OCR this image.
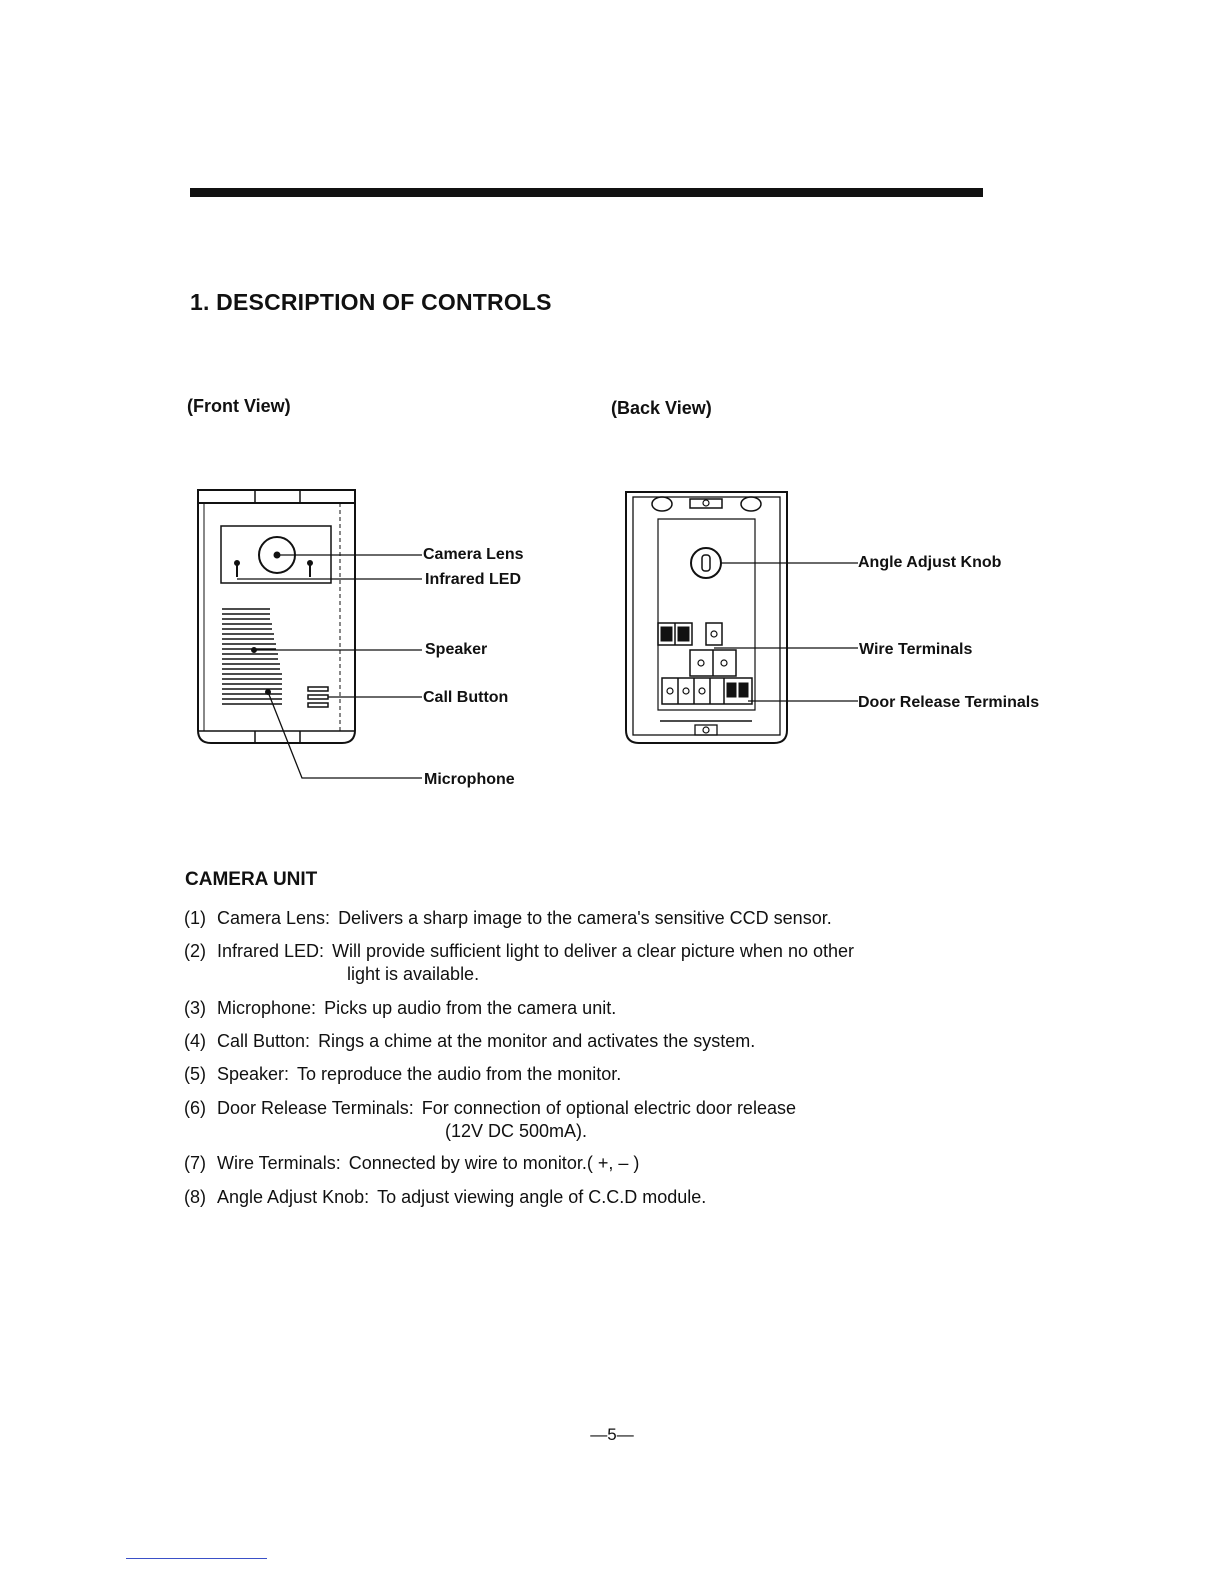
1. DESCRIPTION OF CONTROLS
(Front View)	(Back View)
Camera Lens
Infrared LED
Speaker
Call Button
Microphone
Angle Adjust Knob
Wire Terminals
Door Release Terminals
CAMERA UNIT
(1) Camera Lens: Delivers a sharp image to the camera's sensitive CCD sensor.
(2) Infrared LED: Will provide sufficient light to deliver a clear picture when no other
light is available.
(3) Microphone: Picks up audio from the camera unit.
(4) Call Button: Rings a chime at the monitor and activates the system.
(5) Speaker: To reproduce the audio from the monitor.
(6) Door Release Terminals: For connection of optional electric door release
(12V DC 500mA).
(7) Wire Terminals: Connected by wire to monitor.( +, – )
(8) Angle Adjust Knob: To adjust viewing angle of C.C.D module.
—5—
